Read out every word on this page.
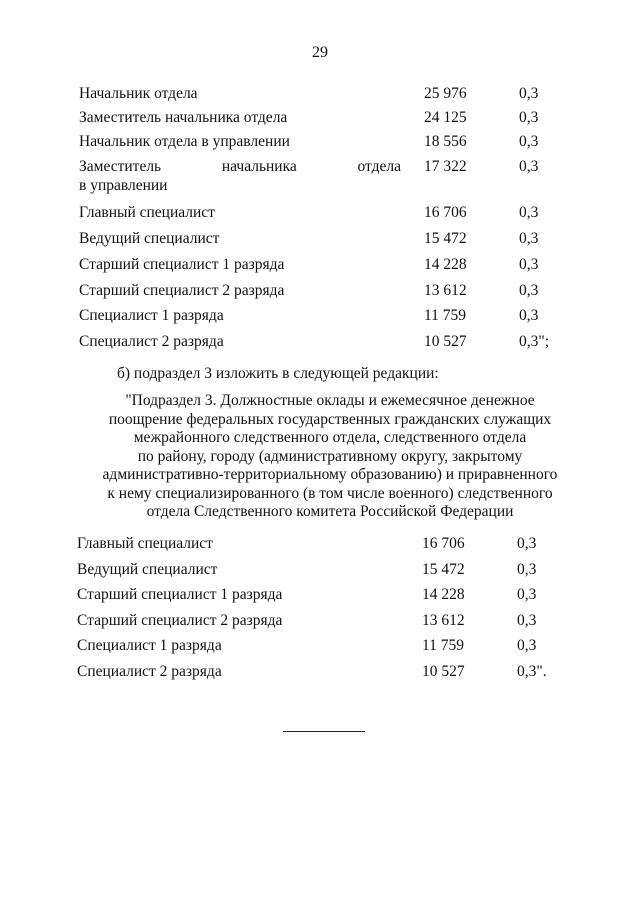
29
Начальник отдела	25 976	0,3
Заместитель начальника отдела	24 125	0,3
Начальник отдела в управлении	18 556	0,3
Заместитель начальника отдела
в управлении
17 322	0,3
Главный специалист	16 706	0,3
Ведущий специалист	15 472	0,3
Старший специалист 1 разряда	14 228	0,3
Старший специалист 2 разряда	13 612	0,3
Специалист 1 разряда	11 759	0,3
Специалист 2 разряда	10 527	0,3";
б) подраздел 3 изложить в следующей редакции:
"Подраздел 3. Должностные оклады и ежемесячное денежное
поощрение федеральных государственных гражданских служащих
межрайонного следственного отдела, следственного отдела
по району, городу (административному округу, закрытому
административно-территориальному образованию) и приравненного
к нему специализированного (в том числе военного) следственного
отдела Следственного комитета Российской Федерации
Главный специалист	16 706	0,3
Ведущий специалист	15 472	0,3
Старший специалист 1 разряда	14 228	0,3
Старший специалист 2 разряда	13 612	0,3
Специалист 1 разряда	11 759	0,3
Специалист 2 разряда	10 527	0,3".
